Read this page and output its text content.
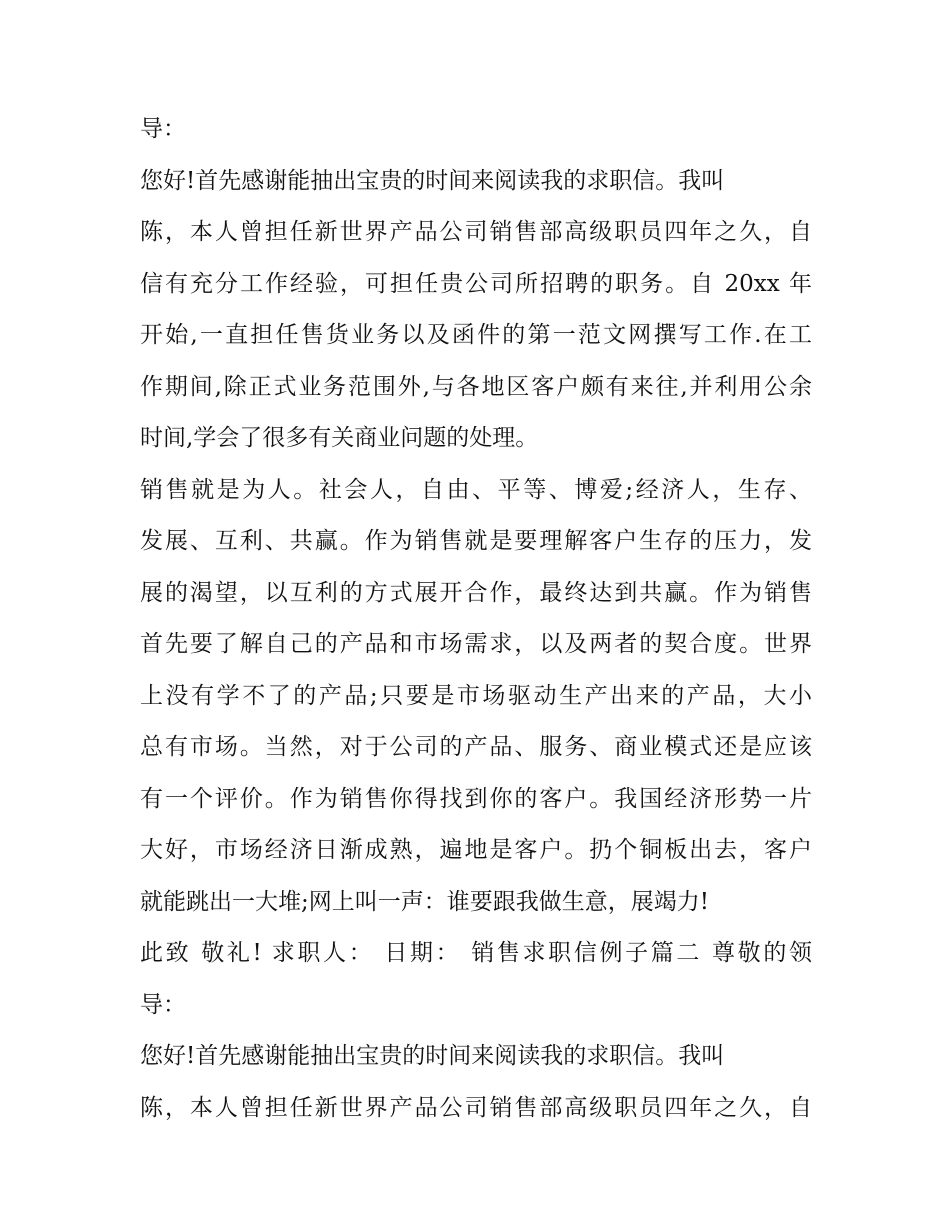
导：
您好!首先感谢能抽出宝贵的时间来阅读我的求职信。我叫
陈，本人曾担任新世界产品公司销售部高级职员四年之久，自
信有充分工作经验，可担任贵公司所招聘的职务。自 20xx 年
开始,一直担任售货业务以及函件的第一范文网撰写工作.在工
作期间,除正式业务范围外,与各地区客户颇有来往,并利用公余
时间,学会了很多有关商业问题的处理。
销售就是为人。社会人，自由、平等、博爱;经济人，生存、
发展、互利、共赢。作为销售就是要理解客户生存的压力，发
展的渴望，以互利的方式展开合作，最终达到共赢。作为销售
首先要了解自己的产品和市场需求，以及两者的契合度。世界
上没有学不了的产品;只要是市场驱动生产出来的产品，大小
总有市场。当然，对于公司的产品、服务、商业模式还是应该
有一个评价。作为销售你得找到你的客户。我国经济形势一片
大好，市场经济日渐成熟，遍地是客户。扔个铜板出去，客户
就能跳出一大堆;网上叫一声：谁要跟我做生意，展竭力!
此致 敬礼! 求职人： 日期： 销售求职信例子篇二 尊敬的领
导：
您好!首先感谢能抽出宝贵的时间来阅读我的求职信。我叫
陈，本人曾担任新世界产品公司销售部高级职员四年之久，自
